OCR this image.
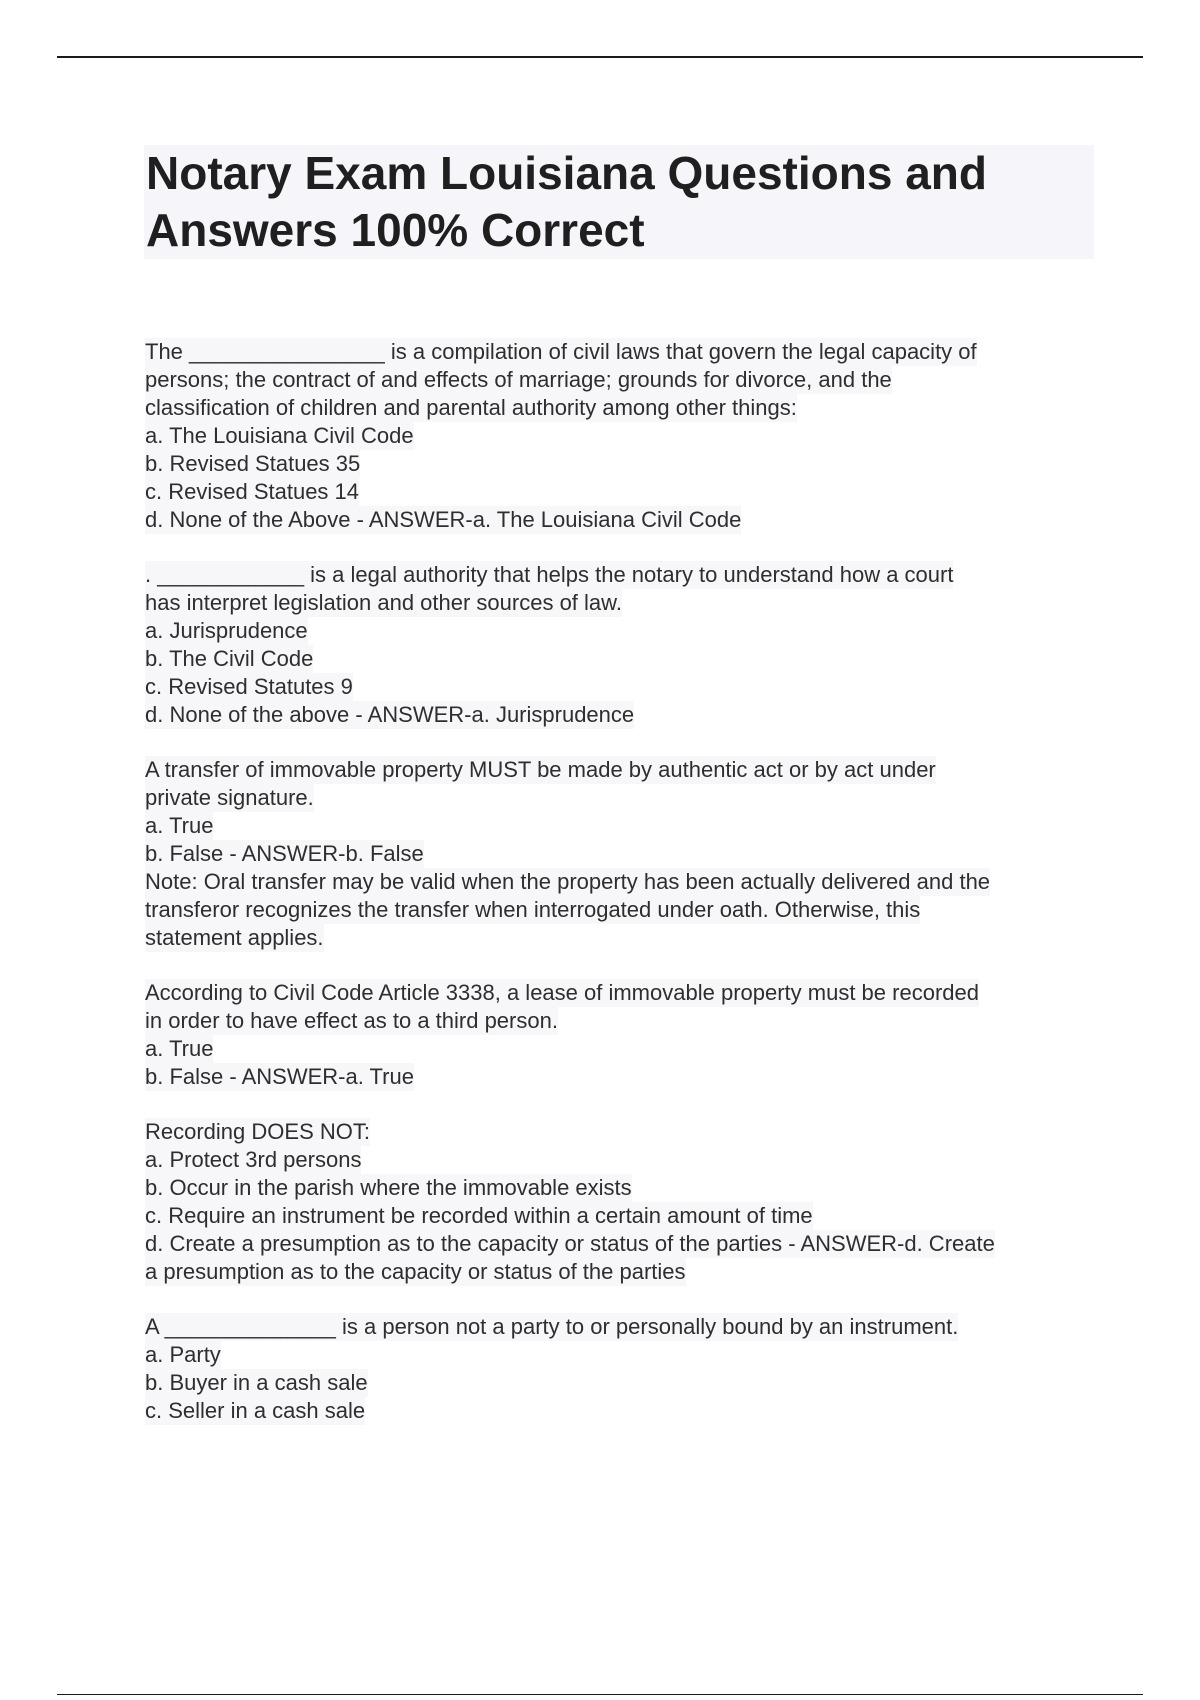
Notary Exam Louisiana Questions and Answers 100% Correct
The ________________ is a compilation of civil laws that govern the legal capacity of
persons; the contract of and effects of marriage; grounds for divorce, and the
classification of children and parental authority among other things:
a. The Louisiana Civil Code
b. Revised Statues 35
c. Revised Statues 14
d. None of the Above - ANSWER-a. The Louisiana Civil Code
. ____________ is a legal authority that helps the notary to understand how a court
has interpret legislation and other sources of law.
a. Jurisprudence
b. The Civil Code
c. Revised Statutes 9
d. None of the above - ANSWER-a. Jurisprudence
A transfer of immovable property MUST be made by authentic act or by act under
private signature.
a. True
b. False - ANSWER-b. False
Note: Oral transfer may be valid when the property has been actually delivered and the
transferor recognizes the transfer when interrogated under oath. Otherwise, this
statement applies.
According to Civil Code Article 3338, a lease of immovable property must be recorded
in order to have effect as to a third person.
a. True
b. False - ANSWER-a. True
Recording DOES NOT:
a. Protect 3rd persons
b. Occur in the parish where the immovable exists
c. Require an instrument be recorded within a certain amount of time
d. Create a presumption as to the capacity or status of the parties - ANSWER-d. Create
a presumption as to the capacity or status of the parties
A ______________ is a person not a party to or personally bound by an instrument.
a. Party
b. Buyer in a cash sale
c. Seller in a cash sale
